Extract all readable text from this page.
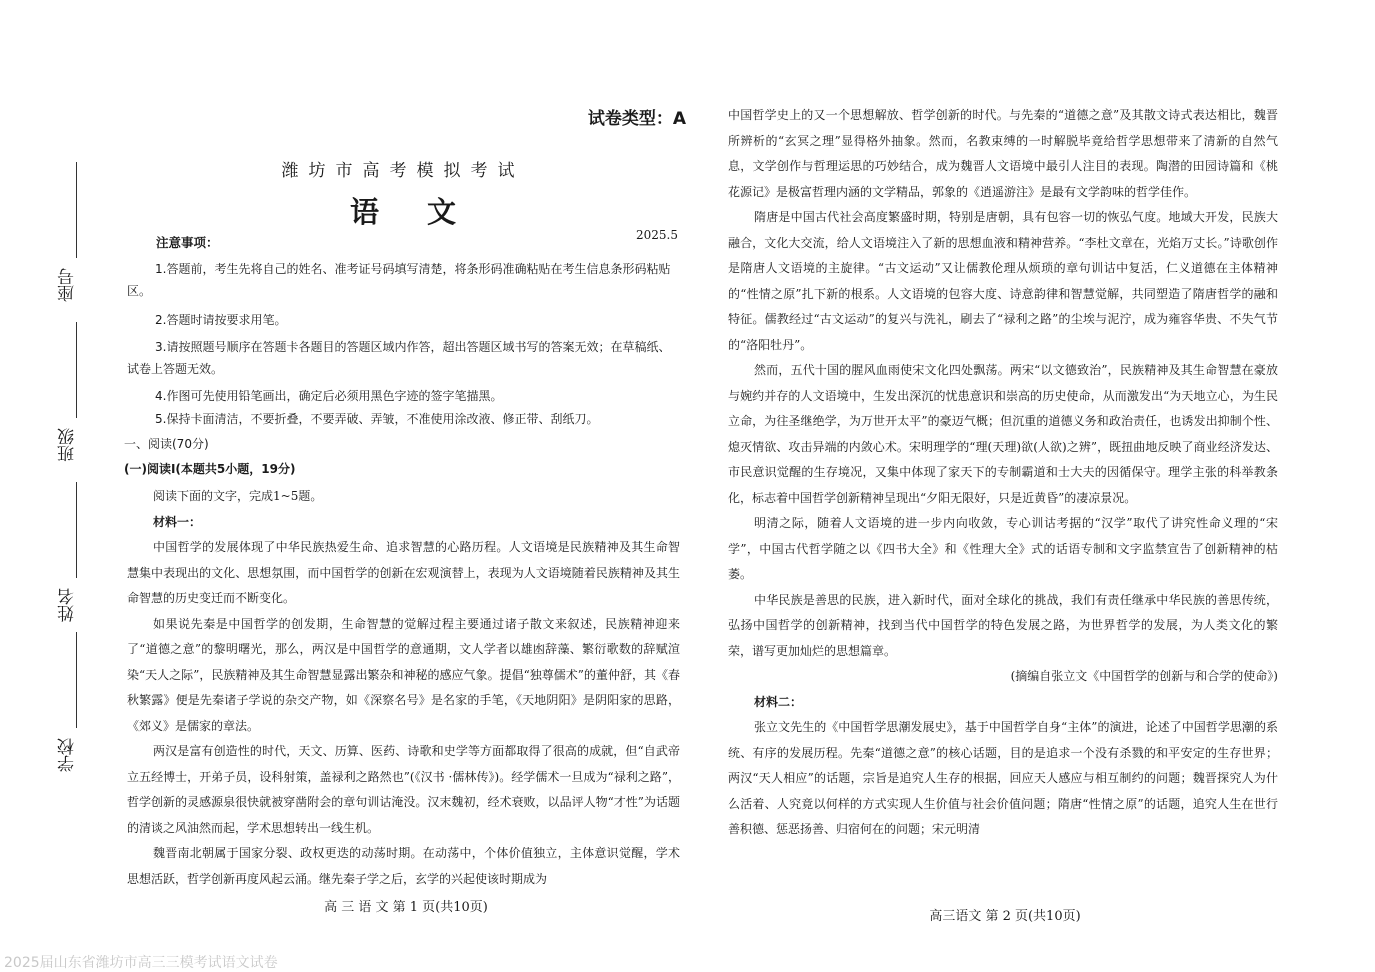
座号
班级
姓名
学校
试卷类型：A
潍坊市高考模拟考试
语文
2025.5
注意事项：

1.答题前，考生先将自己的姓名、准考证号码填写清楚，将条形码准确粘贴在考生信息条形码粘贴区。

2.答题时请按要求用笔。

3.请按照题号顺序在答题卡各题目的答题区域内作答，超出答题区域书写的答案无效；在草稿纸、试卷上答题无效。

4.作图可先使用铅笔画出，确定后必须用黑色字迹的签字笔描黑。

5.保持卡面清洁，不要折叠，不要弄破、弄皱，不准使用涂改液、修正带、刮纸刀。

一、阅读(70分)
(一)阅读Ⅰ(本题共5小题，19分)

阅读下面的文字，完成1~5题。

材料一：

中国哲学的发展体现了中华民族热爱生命、追求智慧的心路历程。人文语境是民族精神及其生命智慧集中表现出的文化、思想氛围，而中国哲学的创新在宏观演替上，表现为人文语境随着民族精神及其生命智慧的历史变迁而不断变化。

如果说先秦是中国哲学的创发期，生命智慧的觉解过程主要通过诸子散文来叙述，民族精神迎来了“道德之意”的黎明曙光，那么，两汉是中国哲学的意通期，文人学者以雄凼辞藻、繁衍歌数的辞赋渲染“天人之际”，民族精神及其生命智慧显露出繁杂和神秘的感应气象。提倡“独尊儒术”的董仲舒，其《春秋繁露》便是先秦诸子学说的杂交产物，如《深察名号》是名家的手笔，《天地阴阳》是阴阳家的思路，《郊义》是儒家的章法。

两汉是富有创造性的时代，天文、历算、医药、诗歌和史学等方面都取得了很高的成就，但“自武帝立五经博士，开弟子员，设科射策，盖禄利之路然也”(《汉书 ·儒林传》)。经学儒术一旦成为“禄利之路”，哲学创新的灵感源泉很快就被穿凿附会的章句训诂淹没。汉末魏初，经术衰败，以品评人物“才性”为话题的清谈之风油然而起，学术思想转出一线生机。

魏晋南北朝属于国家分裂、政权更迭的动荡时期。在动荡中，个体价值独立，主体意识觉醒，学术思想活跃，哲学创新再度风起云涌。继先秦子学之后，玄学的兴起使该时期成为

高 三 语 文 第 1 页(共10页)

中国哲学史上的又一个思想解放、哲学创新的时代。与先秦的“道德之意”及其散文诗式表达相比，魏晋所辨析的“玄冥之理”显得格外抽象。然而，名教束缚的一时解脱毕竟给哲学思想带来了清新的自然气息，文学创作与哲理运思的巧妙结合，成为魏晋人文语境中最引人注目的表现。陶潜的田园诗篇和《桃花源记》是极富哲理内涵的文学精品，郭象的《逍遥游注》是最有文学韵味的哲学佳作。

隋唐是中国古代社会高度繁盛时期，特别是唐朝，具有包容一切的恢弘气度。地域大开发，民族大融合，文化大交流，给人文语境注入了新的思想血液和精神营养。“李杜文章在，光焰万丈长。”诗歌创作是隋唐人文语境的主旋律。“古文运动”又让儒教伦理从烦琐的章句训诂中复活，仁义道德在主体精神的“性情之原”扎下新的根系。人文语境的包容大度、诗意韵律和智慧觉解，共同塑造了隋唐哲学的融和特征。儒教经过“古文运动”的复兴与洗礼，刷去了“禄利之路”的尘埃与泥泞，成为雍容华贵、不失气节的“洛阳牡丹”。

然而，五代十国的腥风血雨使宋文化四处飘荡。两宋“以文德致治”，民族精神及其生命智慧在豪放与婉约并存的人文语境中，生发出深沉的忧患意识和崇高的历史使命，从而激发出“为天地立心，为生民立命，为往圣继绝学，为万世开太平”的豪迈气概；但沉重的道德义务和政治责任，也诱发出抑制个性、熄灭情欲、攻击异端的内敛心术。宋明理学的“理(天理)欲(人欲)之辨”，既扭曲地反映了商业经济发达、市民意识觉醒的生存境况，又集中体现了家天下的专制霸道和士大夫的因循保守。理学主张的科举教条化，标志着中国哲学创新精神呈现出“夕阳无限好，只是近黄昏”的凄凉景况。

明清之际，随着人文语境的进一步内向收敛，专心训诂考据的“汉学”取代了讲究性命义理的“宋学”，中国古代哲学随之以《四书大全》和《性理大全》式的话语专制和文字监禁宣告了创新精神的枯萎。

中华民族是善思的民族，进入新时代，面对全球化的挑战，我们有责任继承中华民族的善思传统，弘扬中国哲学的创新精神，找到当代中国哲学的特色发展之路，为世界哲学的发展，为人类文化的繁荣，谱写更加灿烂的思想篇章。

(摘编自张立文《中国哲学的创新与和合学的使命》)

材料二：

张立文先生的《中国哲学思潮发展史》，基于中国哲学自身“主体”的演进，论述了中国哲学思潮的系统、有序的发展历程。先秦“道德之意”的核心话题，目的是追求一个没有杀戮的和平安定的生存世界；两汉“天人相应”的话题，宗旨是追究人生存的根据，回应天人感应与相互制约的问题；魏晋探究人为什么活着、人究竟以何样的方式实现人生价值与社会价值问题；隋唐“性情之原”的话题，追究人生在世行善积德、惩恶扬善、归宿何在的问题；宋元明清

高三语文 第 2 页(共10页)
2025届山东省潍坊市高三三模考试语文试卷
